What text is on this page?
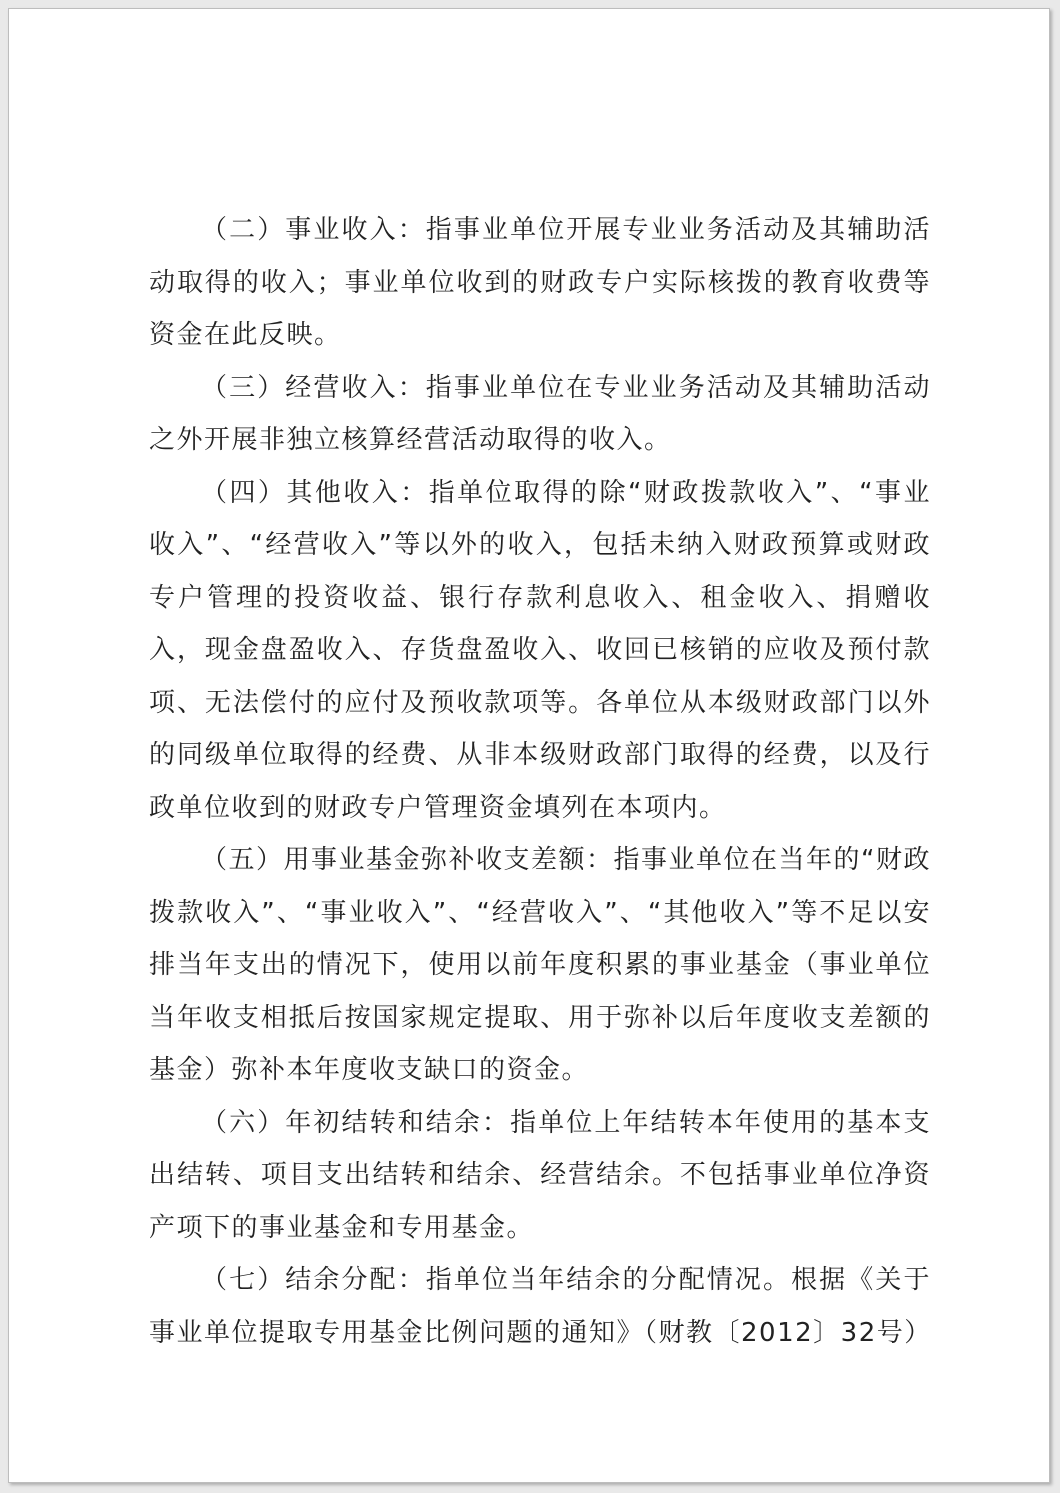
（二）事业收入：指事业单位开展专业业务活动及其辅助活动取得的收入；事业单位收到的财政专户实际核拨的教育收费等资金在此反映。

（三）经营收入：指事业单位在专业业务活动及其辅助活动之外开展非独立核算经营活动取得的收入。

（四）其他收入：指单位取得的除“财政拨款收入”、“事业收入”、“经营收入”等以外的收入，包括未纳入财政预算或财政专户管理的投资收益、银行存款利息收入、租金收入、捐赠收入，现金盘盈收入、存货盘盈收入、收回已核销的应收及预付款项、无法偿付的应付及预收款项等。各单位从本级财政部门以外的同级单位取得的经费、从非本级财政部门取得的经费，以及行政单位收到的财政专户管理资金填列在本项内。

（五）用事业基金弥补收支差额：指事业单位在当年的“财政拨款收入”、“事业收入”、“经营收入”、“其他收入”等不足以安排当年支出的情况下，使用以前年度积累的事业基金（事业单位当年收支相抵后按国家规定提取、用于弥补以后年度收支差额的基金）弥补本年度收支缺口的资金。

（六）年初结转和结余：指单位上年结转本年使用的基本支出结转、项目支出结转和结余、经营结余。不包括事业单位净资产项下的事业基金和专用基金。

（七）结余分配：指单位当年结余的分配情况。根据《关于事业单位提取专用基金比例问题的通知》（财教〔2012〕32号）
